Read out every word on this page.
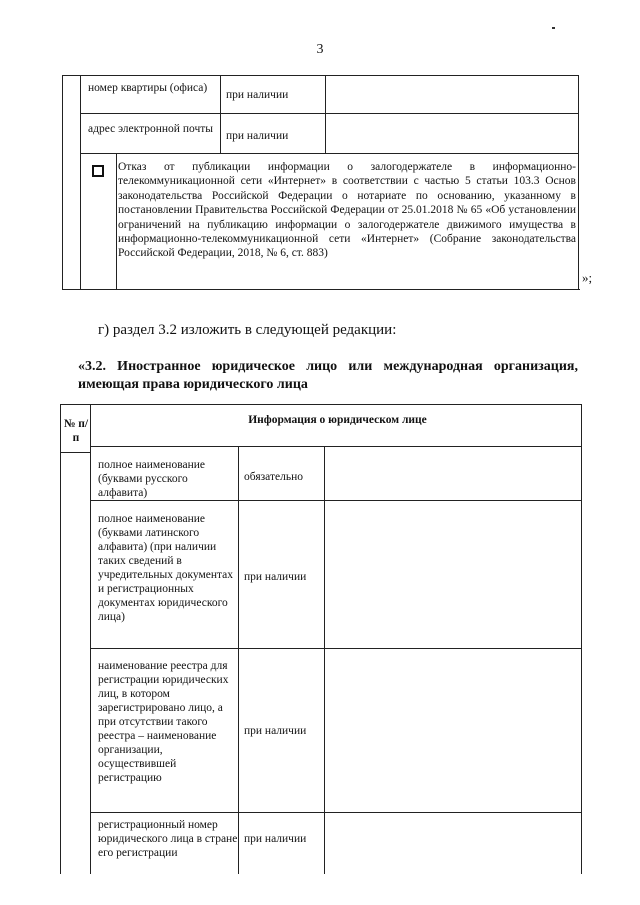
3
номер квартиры (офиса)
при наличии
адрес электронной почты
при наличии
Отказ от публикации информации о залогодержателе в информационно-телекоммуникационной сети «Интернет» в соответствии с частью 5 статьи 103.3 Основ законодательства Российской Федерации о нотариате по основанию, указанному в постановлении Правительства Российской Федерации от 25.01.2018 № 65 «Об установлении ограничений на публикацию информации о залогодержателе движимого имущества в информационно-телекоммуникационной сети «Интернет» (Собрание законодательства Российской Федерации, 2018, № 6, ст. 883)
»;
г) раздел 3.2 изложить в следующей редакции:
«3.2. Иностранное юридическое лицо или международная организация, имеющая права юридического лица
№ п/п
Информация о юридическом лице
полное наименование (буквами русского алфавита)
обязательно
полное наименование (буквами латинского алфавита) (при наличии таких сведений в учредительных документах и регистрационных документах юридического лица)
при наличии
наименование реестра для регистрации юридических лиц, в котором зарегистрировано лицо, а при отсутствии такого реестра – наименование организации, осуществившей регистрацию
при наличии
регистрационный номер юридического лица в стране его регистрации
при наличии
